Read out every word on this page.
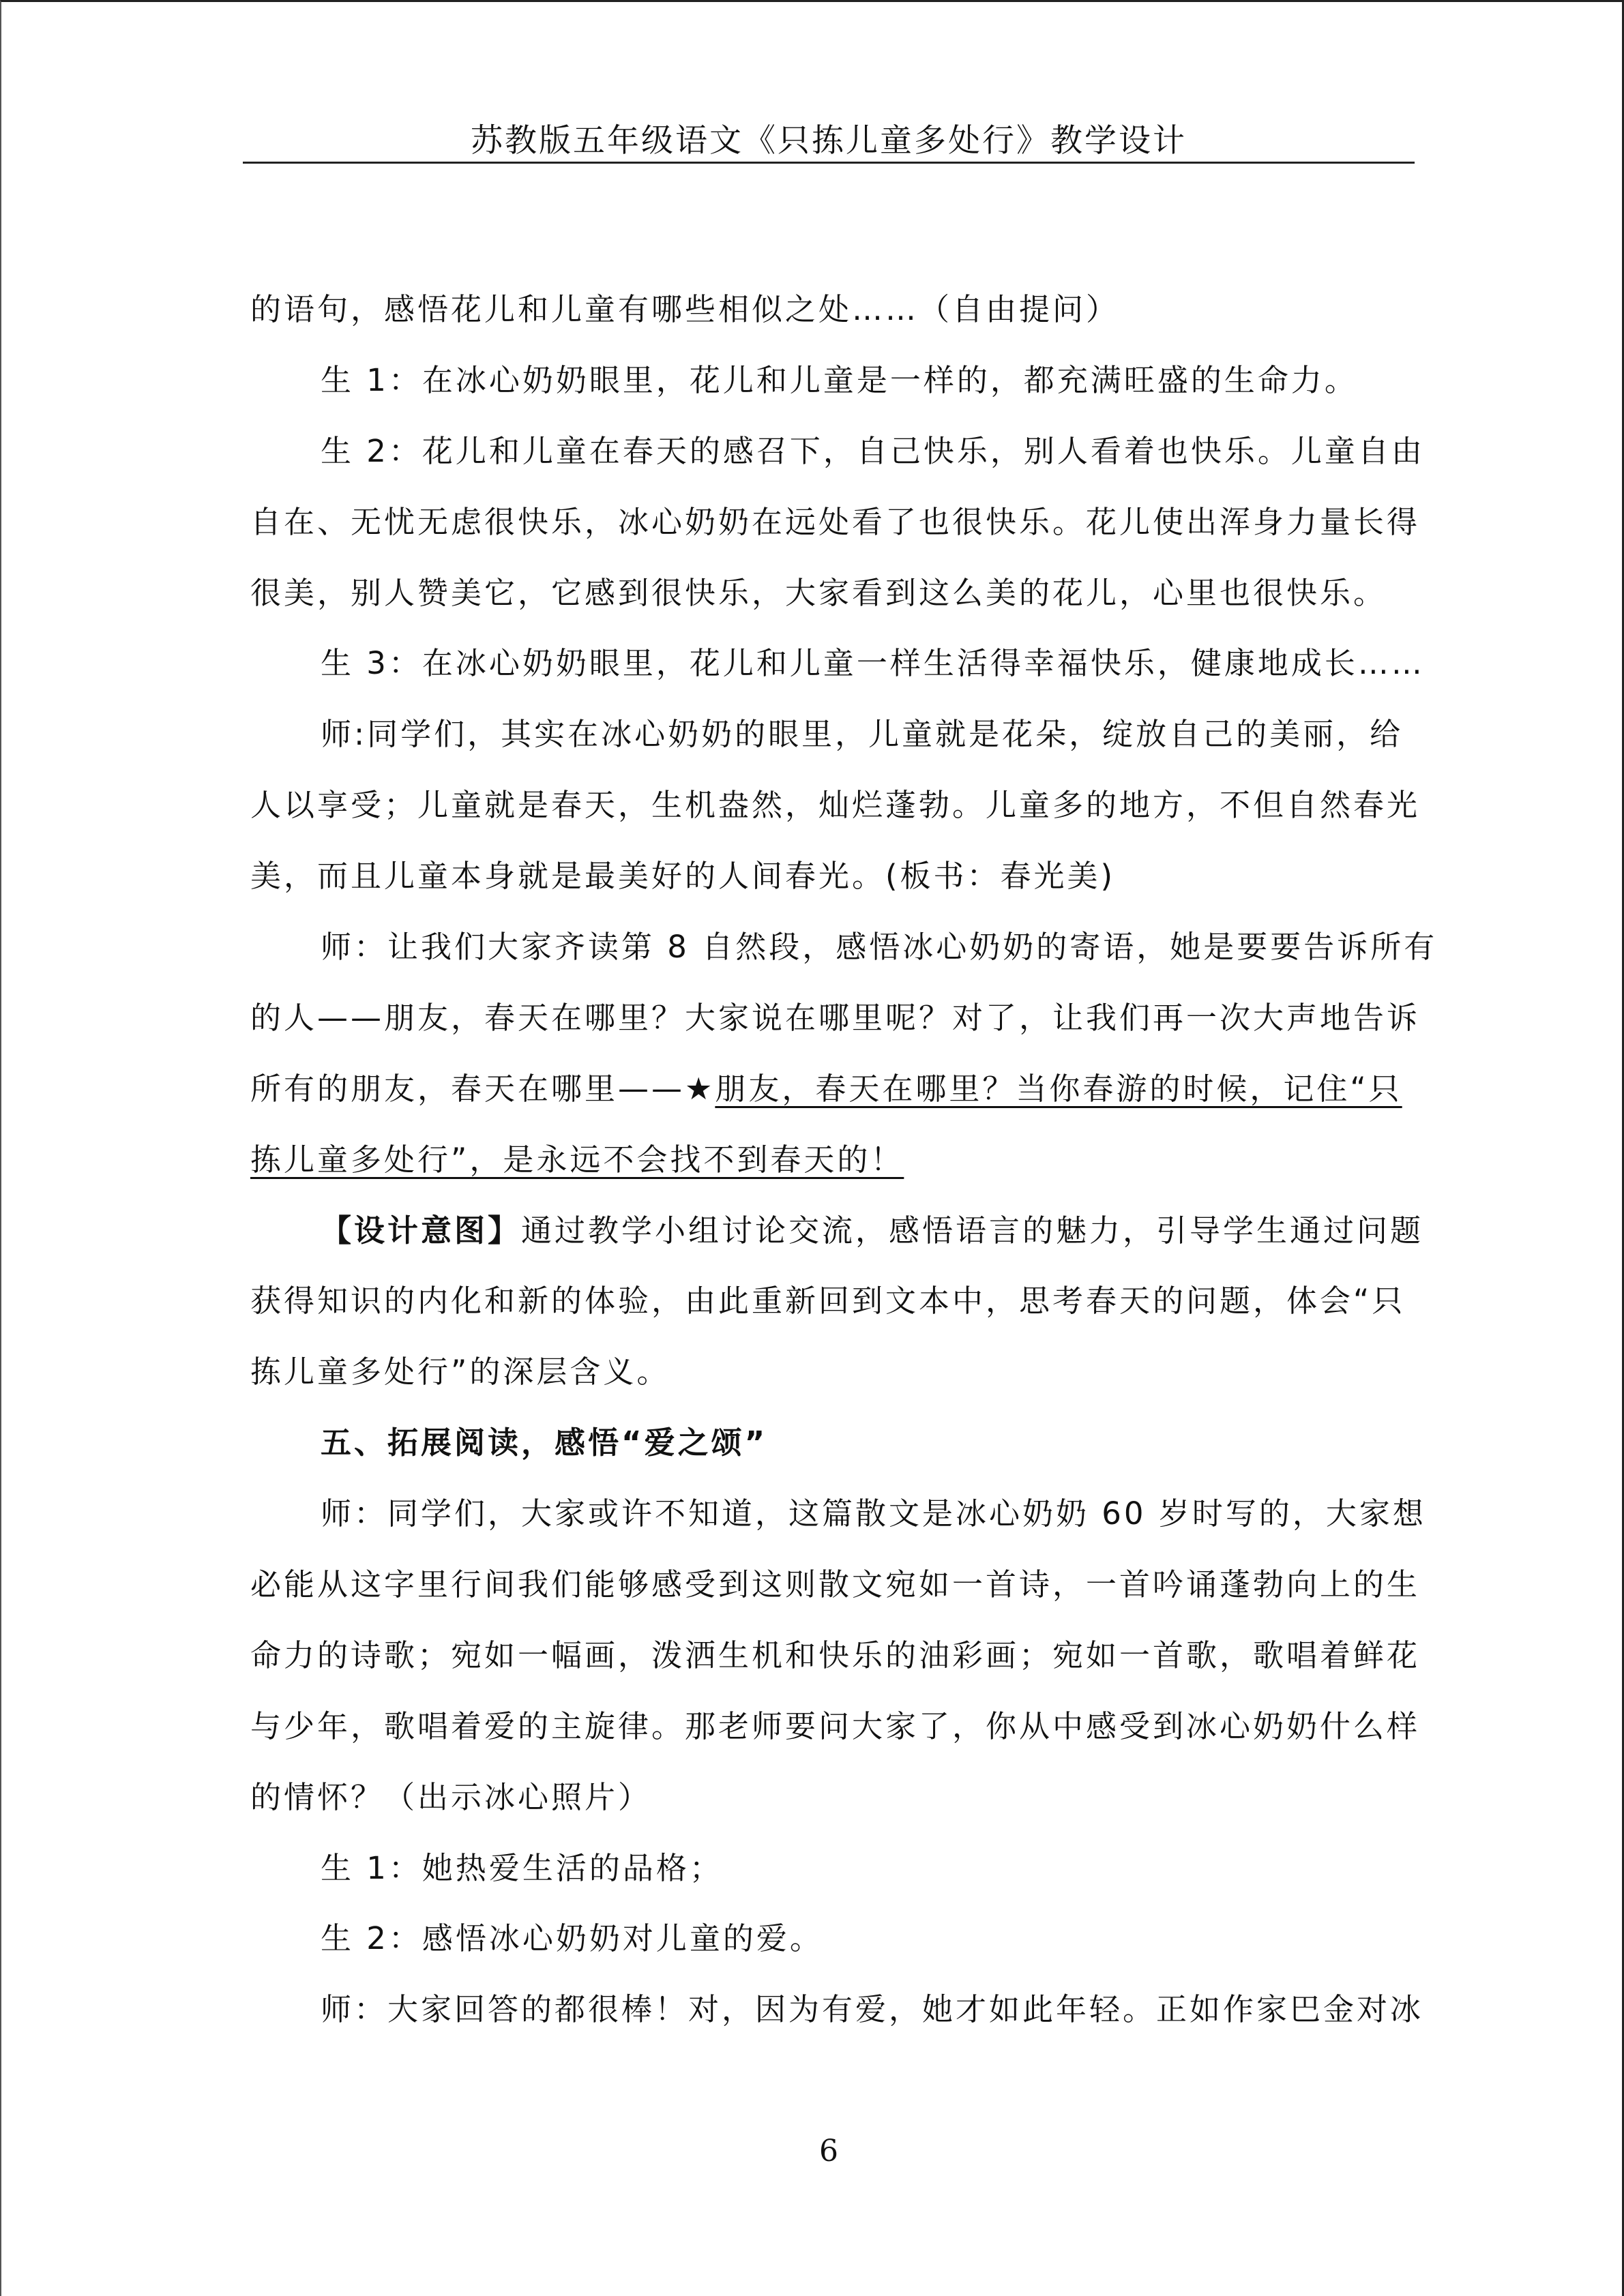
苏教版五年级语文《只拣儿童多处行》教学设计
的语句，感悟花儿和儿童有哪些相似之处……（自由提问）
生 1：在冰心奶奶眼里，花儿和儿童是一样的，都充满旺盛的生命力。
生 2：花儿和儿童在春天的感召下，自己快乐，别人看着也快乐。儿童自由
自在、无忧无虑很快乐，冰心奶奶在远处看了也很快乐。花儿使出浑身力量长得
很美，别人赞美它，它感到很快乐，大家看到这么美的花儿，心里也很快乐。
生 3：在冰心奶奶眼里，花儿和儿童一样生活得幸福快乐，健康地成长……
师:同学们，其实在冰心奶奶的眼里，儿童就是花朵，绽放自己的美丽，给
人以享受；儿童就是春天，生机盎然，灿烂蓬勃。儿童多的地方，不但自然春光
美，而且儿童本身就是最美好的人间春光。(板书：春光美)
师：让我们大家齐读第 8 自然段，感悟冰心奶奶的寄语，她是要要告诉所有
的人——朋友，春天在哪里？大家说在哪里呢？对了，让我们再一次大声地告诉
所有的朋友，春天在哪里——★朋友，春天在哪里？当你春游的时候，记住“只
拣儿童多处行”，是永远不会找不到春天的！
【设计意图】通过教学小组讨论交流，感悟语言的魅力，引导学生通过问题
获得知识的内化和新的体验，由此重新回到文本中，思考春天的问题，体会“只
拣儿童多处行”的深层含义。
五、拓展阅读，感悟“爱之颂”
师：同学们，大家或许不知道，这篇散文是冰心奶奶 60 岁时写的，大家想
必能从这字里行间我们能够感受到这则散文宛如一首诗，一首吟诵蓬勃向上的生
命力的诗歌；宛如一幅画，泼洒生机和快乐的油彩画；宛如一首歌，歌唱着鲜花
与少年，歌唱着爱的主旋律。那老师要问大家了，你从中感受到冰心奶奶什么样
的情怀？（出示冰心照片）
生 1：她热爱生活的品格；
生 2：感悟冰心奶奶对儿童的爱。
师：大家回答的都很棒！对，因为有爱，她才如此年轻。正如作家巴金对冰
6
